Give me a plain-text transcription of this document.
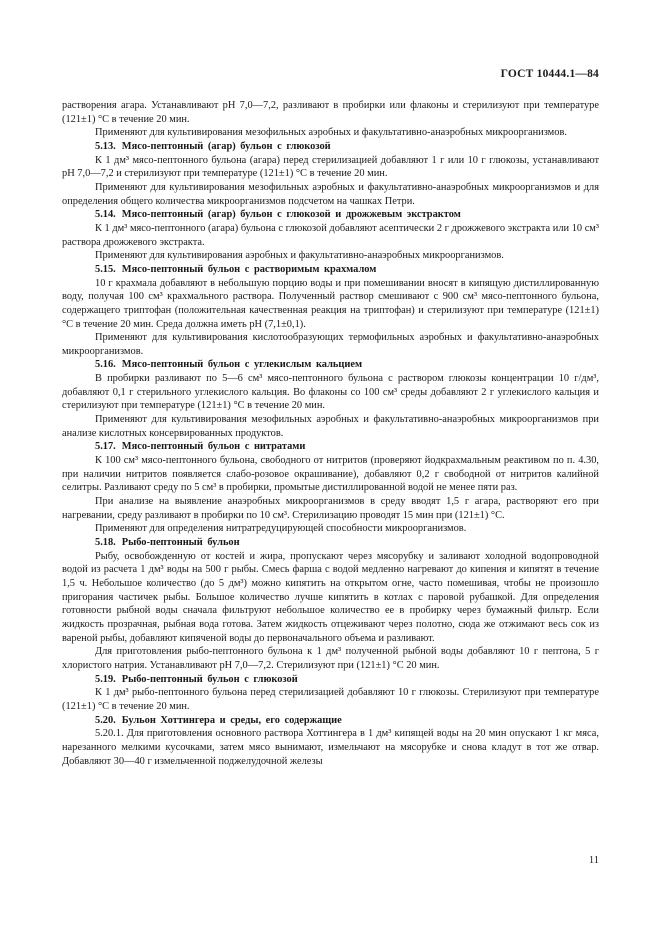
ГОСТ 10444.1—84

растворения агара. Устанавливают рН 7,0—7,2, разливают в пробирки или флаконы и стерилизуют при температуре (121±1) °С в течение 20 мин.

Применяют для культивирования мезофильных аэробных и факультативно-анаэробных микроорганизмов.

5.13. Мясо-пептонный (агар) бульон с глюкозой

К 1 дм³ мясо-пептонного бульона (агара) перед стерилизацией добавляют 1 г или 10 г глюкозы, устанавливают рН 7,0—7,2 и стерилизуют при температуре (121±1) °С в течение 20 мин.

Применяют для культивирования мезофильных аэробных и факультативно-анаэробных микроорганизмов и для определения общего количества микроорганизмов подсчетом на чашках Петри.

5.14. Мясо-пептонный (агар) бульон с глюкозой и дрожжевым экстрактом

К 1 дм³ мясо-пептонного (агара) бульона с глюкозой добавляют асептически 2 г дрожжевого экстракта или 10 см³ раствора дрожжевого экстракта.

Применяют для культивирования аэробных и факультативно-анаэробных микроорганизмов.

5.15. Мясо-пептонный бульон с растворимым крахмалом

10 г крахмала добавляют в небольшую порцию воды и при помешивании вносят в кипящую дистиллированную воду, получая 100 см³ крахмального раствора. Полученный раствор смешивают с 900 см³ мясо-пептонного бульона, содержащего триптофан (положительная качественная реакция на триптофан) и стерилизуют при температуре (121±1) °С в течение 20 мин. Среда должна иметь рН (7,1±0,1).

Применяют для культивирования кислотообразующих термофильных аэробных и факультативно-анаэробных микроорганизмов.

5.16. Мясо-пептонный бульон с углекислым кальцием

В пробирки разливают по 5—6 см³ мясо-пептонного бульона с раствором глюкозы концентрации 10 г/дм³, добавляют 0,1 г стерильного углекислого кальция. Во флаконы со 100 см³ среды добавляют 2 г углекислого кальция и стерилизуют при температуре (121±1) °С в течение 20 мин.

Применяют для культивирования мезофильных аэробных и факультативно-анаэробных микроорганизмов при анализе кислотных консервированных продуктов.

5.17. Мясо-пептонный бульон с нитратами

К 100 см³ мясо-пептонного бульона, свободного от нитритов (проверяют йодкрахмальным реактивом по п. 4.30, при наличии нитритов появляется слабо-розовое окрашивание), добавляют 0,2 г свободной от нитритов калийной селитры. Разливают среду по 5 см³ в пробирки, промытые дистиллированной водой не менее пяти раз.

При анализе на выявление анаэробных микроорганизмов в среду вводят 1,5 г агара, растворяют его при нагревании, среду разливают в пробирки по 10 см³. Стерилизацию проводят 15 мин при (121±1) °С.

Применяют для определения нитратредуцирующей способности микроорганизмов.

5.18. Рыбо-пептонный бульон

Рыбу, освобожденную от костей и жира, пропускают через мясорубку и заливают холодной водопроводной водой из расчета 1 дм³ воды на 500 г рыбы. Смесь фарша с водой медленно нагревают до кипения и кипятят в течение 1,5 ч. Небольшое количество (до 5 дм³) можно кипятить на открытом огне, часто помешивая, чтобы не произошло пригорания частичек рыбы. Большое количество лучше кипятить в котлах с паровой рубашкой. Для определения готовности рыбной воды сначала фильтруют небольшое количество ее в пробирку через бумажный фильтр. Если жидкость прозрачная, рыбная вода готова. Затем жидкость отцеживают через полотно, сюда же отжимают весь сок из вареной рыбы, добавляют кипяченой воды до первоначального объема и разливают.

Для приготовления рыбо-пептонного бульона к 1 дм³ полученной рыбной воды добавляют 10 г пептона, 5 г хлористого натрия. Устанавливают рН 7,0—7,2. Стерилизуют при (121±1) °С 20 мин.

5.19. Рыбо-пептонный бульон с глюкозой

К 1 дм³ рыбо-пептонного бульона перед стерилизацией добавляют 10 г глюкозы. Стерилизуют при температуре (121±1) °С в течение 20 мин.

5.20. Бульон Хоттингера и среды, его содержащие

5.20.1. Для приготовления основного раствора Хоттингера в 1 дм³ кипящей воды на 20 мин опускают 1 кг мяса, нарезанного мелкими кусочками, затем мясо вынимают, измельчают на мясорубке и снова кладут в тот же отвар. Добавляют 30—40 г измельченной поджелудочной железы

11
